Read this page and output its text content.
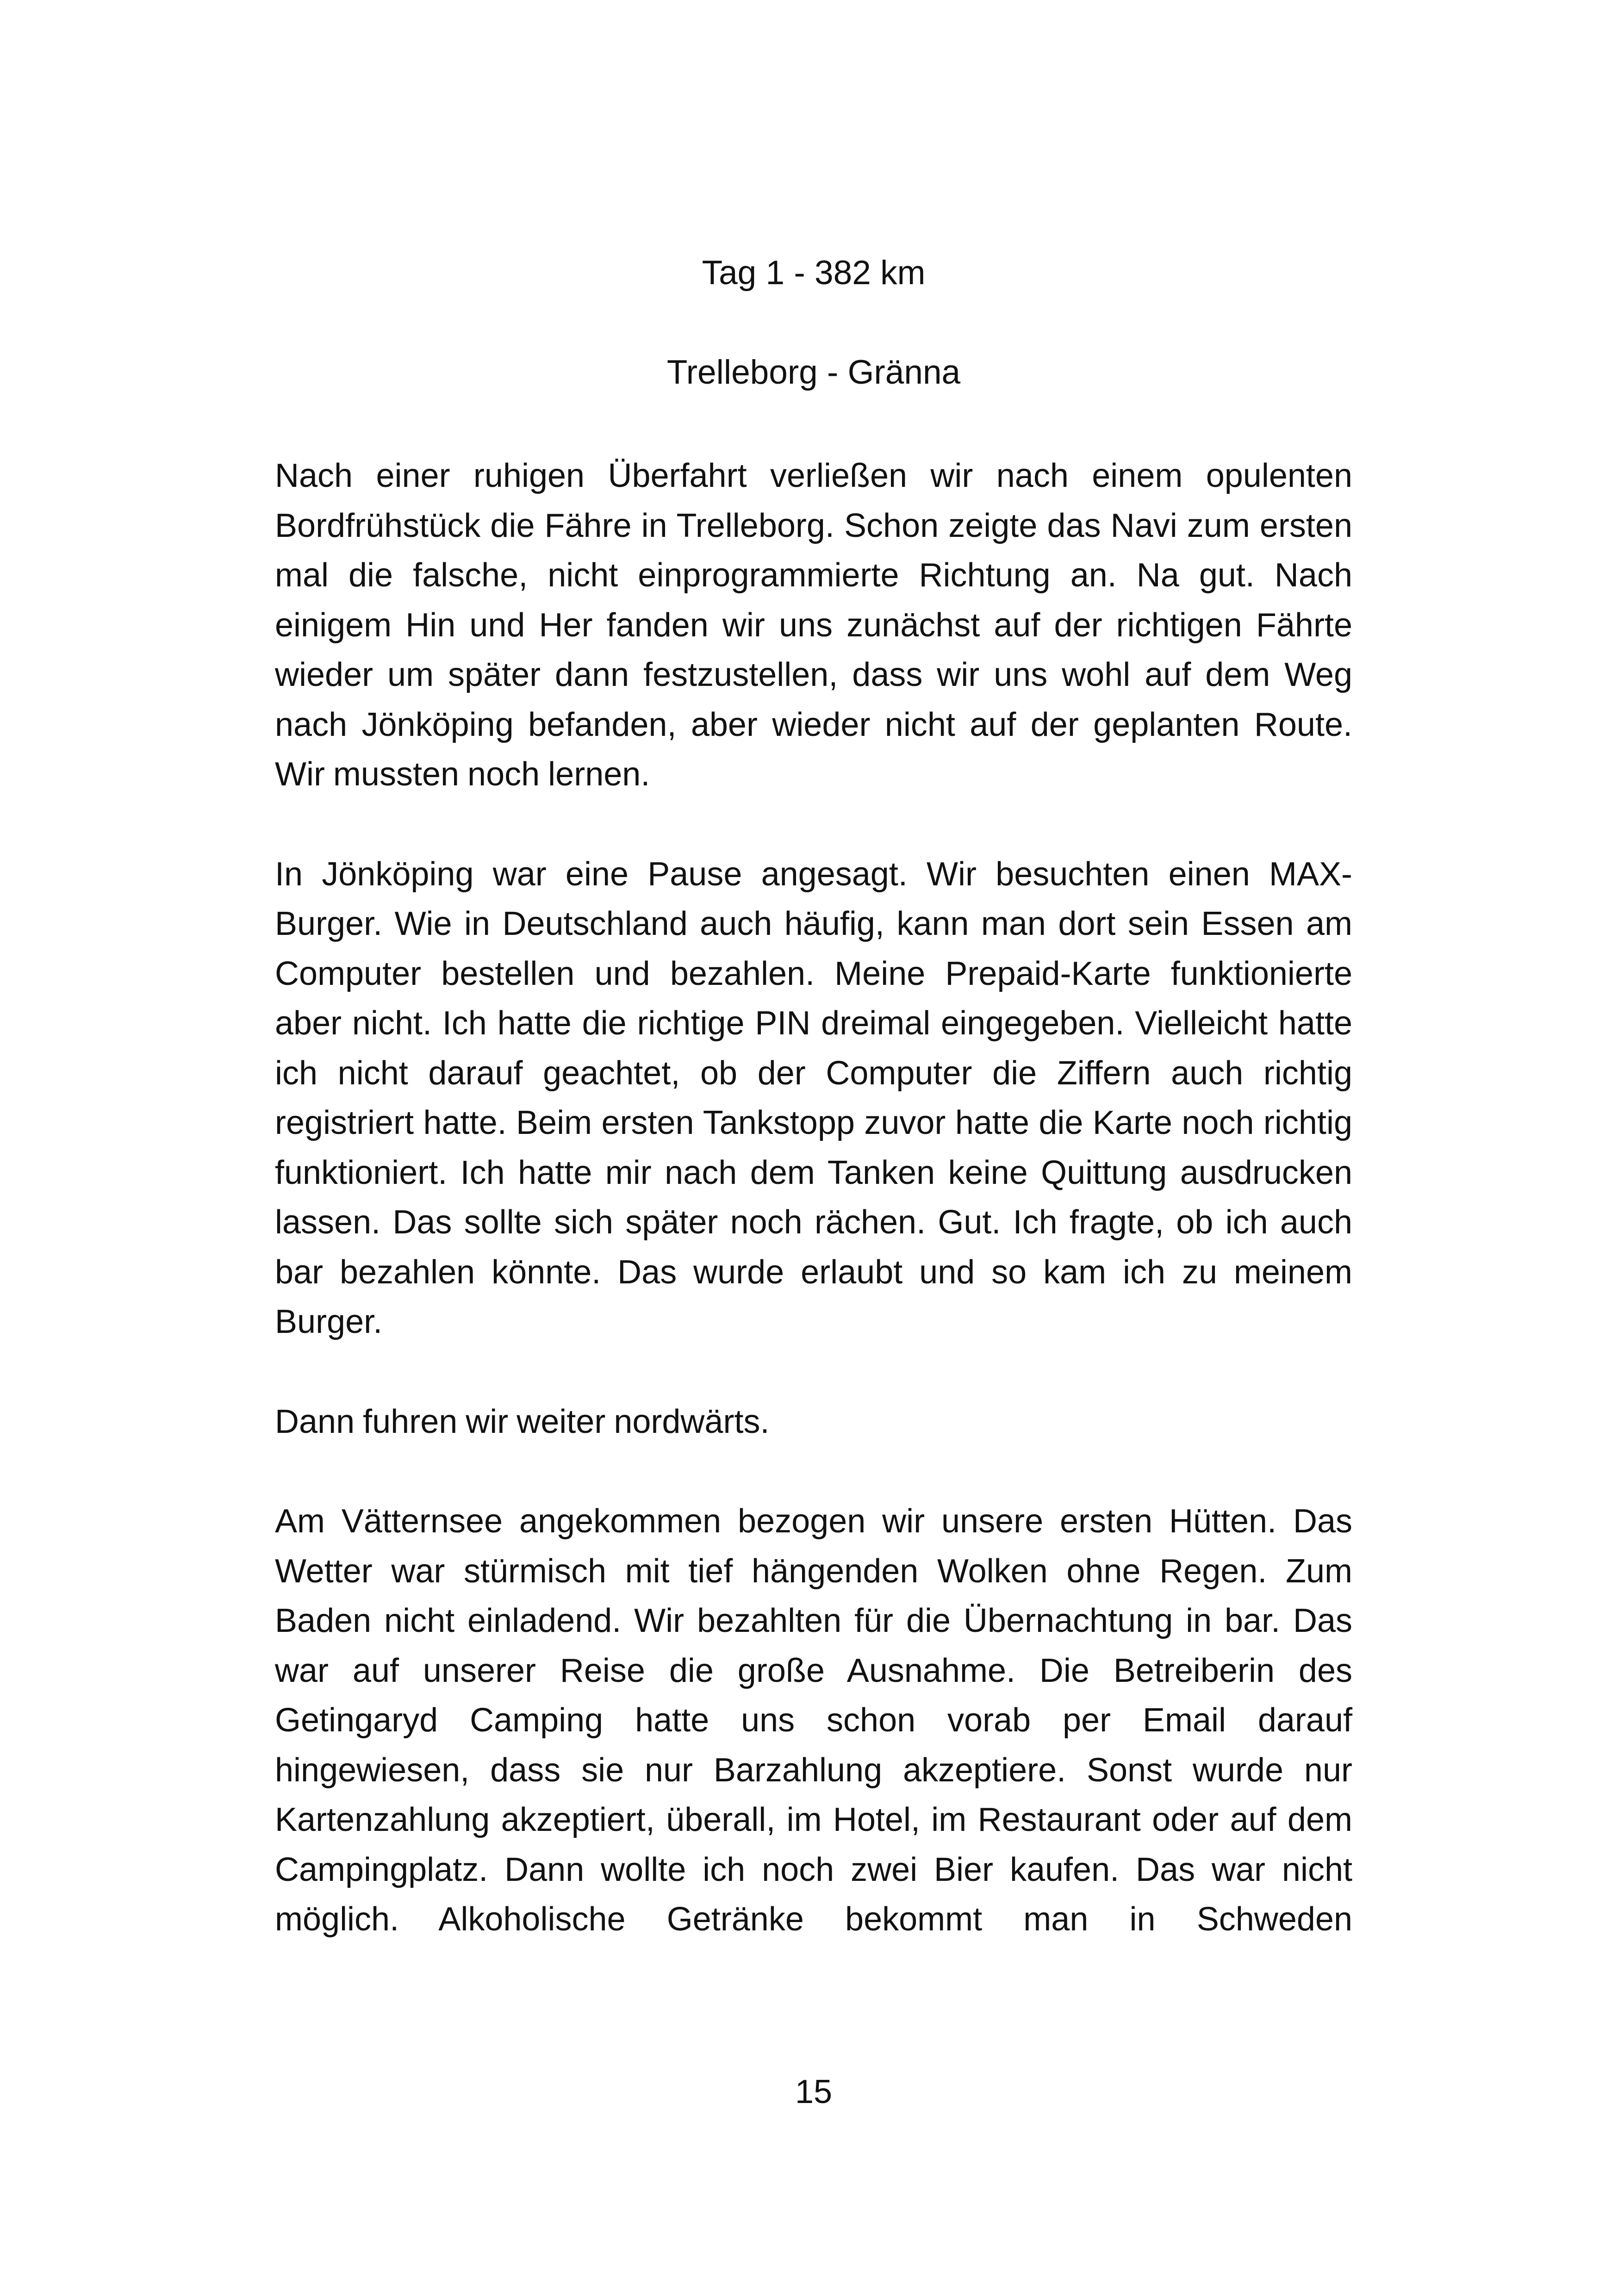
Tag 1 - 382 km
Trelleborg - Gränna

Nach einer ruhigen Überfahrt verließen wir nach einem opulenten Bordfrühstück die Fähre in Trelleborg. Schon zeigte das Navi zum ersten mal die falsche, nicht einprogrammierte Richtung an. Na gut. Nach einigem Hin und Her fanden wir uns zunächst auf der richtigen Fährte wieder um später dann festzustellen, dass wir uns wohl auf dem Weg nach Jönköping befanden, aber wieder nicht auf der geplanten Route. Wir mussten noch lernen.

In Jönköping war eine Pause angesagt. Wir besuchten einen MAX-Burger. Wie in Deutschland auch häufig, kann man dort sein Essen am Computer bestellen und bezahlen. Meine Prepaid-Karte funktionierte aber nicht. Ich hatte die richtige PIN dreimal eingegeben. Vielleicht hatte ich nicht darauf geachtet, ob der Computer die Ziffern auch richtig registriert hatte. Beim ersten Tankstopp zuvor hatte die Karte noch richtig funktioniert. Ich hatte mir nach dem Tanken keine Quittung ausdrucken lassen. Das sollte sich später noch rächen. Gut. Ich fragte, ob ich auch bar bezahlen könnte. Das wurde erlaubt und so kam ich zu meinem Burger.

Dann fuhren wir weiter nordwärts.

Am Vätternsee angekommen bezogen wir unsere ersten Hütten. Das Wetter war stürmisch mit tief hängenden Wolken ohne Regen. Zum Baden nicht einladend. Wir bezahlten für die Übernachtung in bar. Das war auf unserer Reise die große Ausnahme. Die Betreiberin des Getingaryd Camping hatte uns schon vorab per Email darauf hingewiesen, dass sie nur Barzahlung akzeptiere. Sonst wurde nur Kartenzahlung akzeptiert, überall, im Hotel, im Restaurant oder auf dem Campingplatz. Dann wollte ich noch zwei Bier kaufen. Das war nicht möglich. Alkoholische Getränke bekommt man in Schweden

15
